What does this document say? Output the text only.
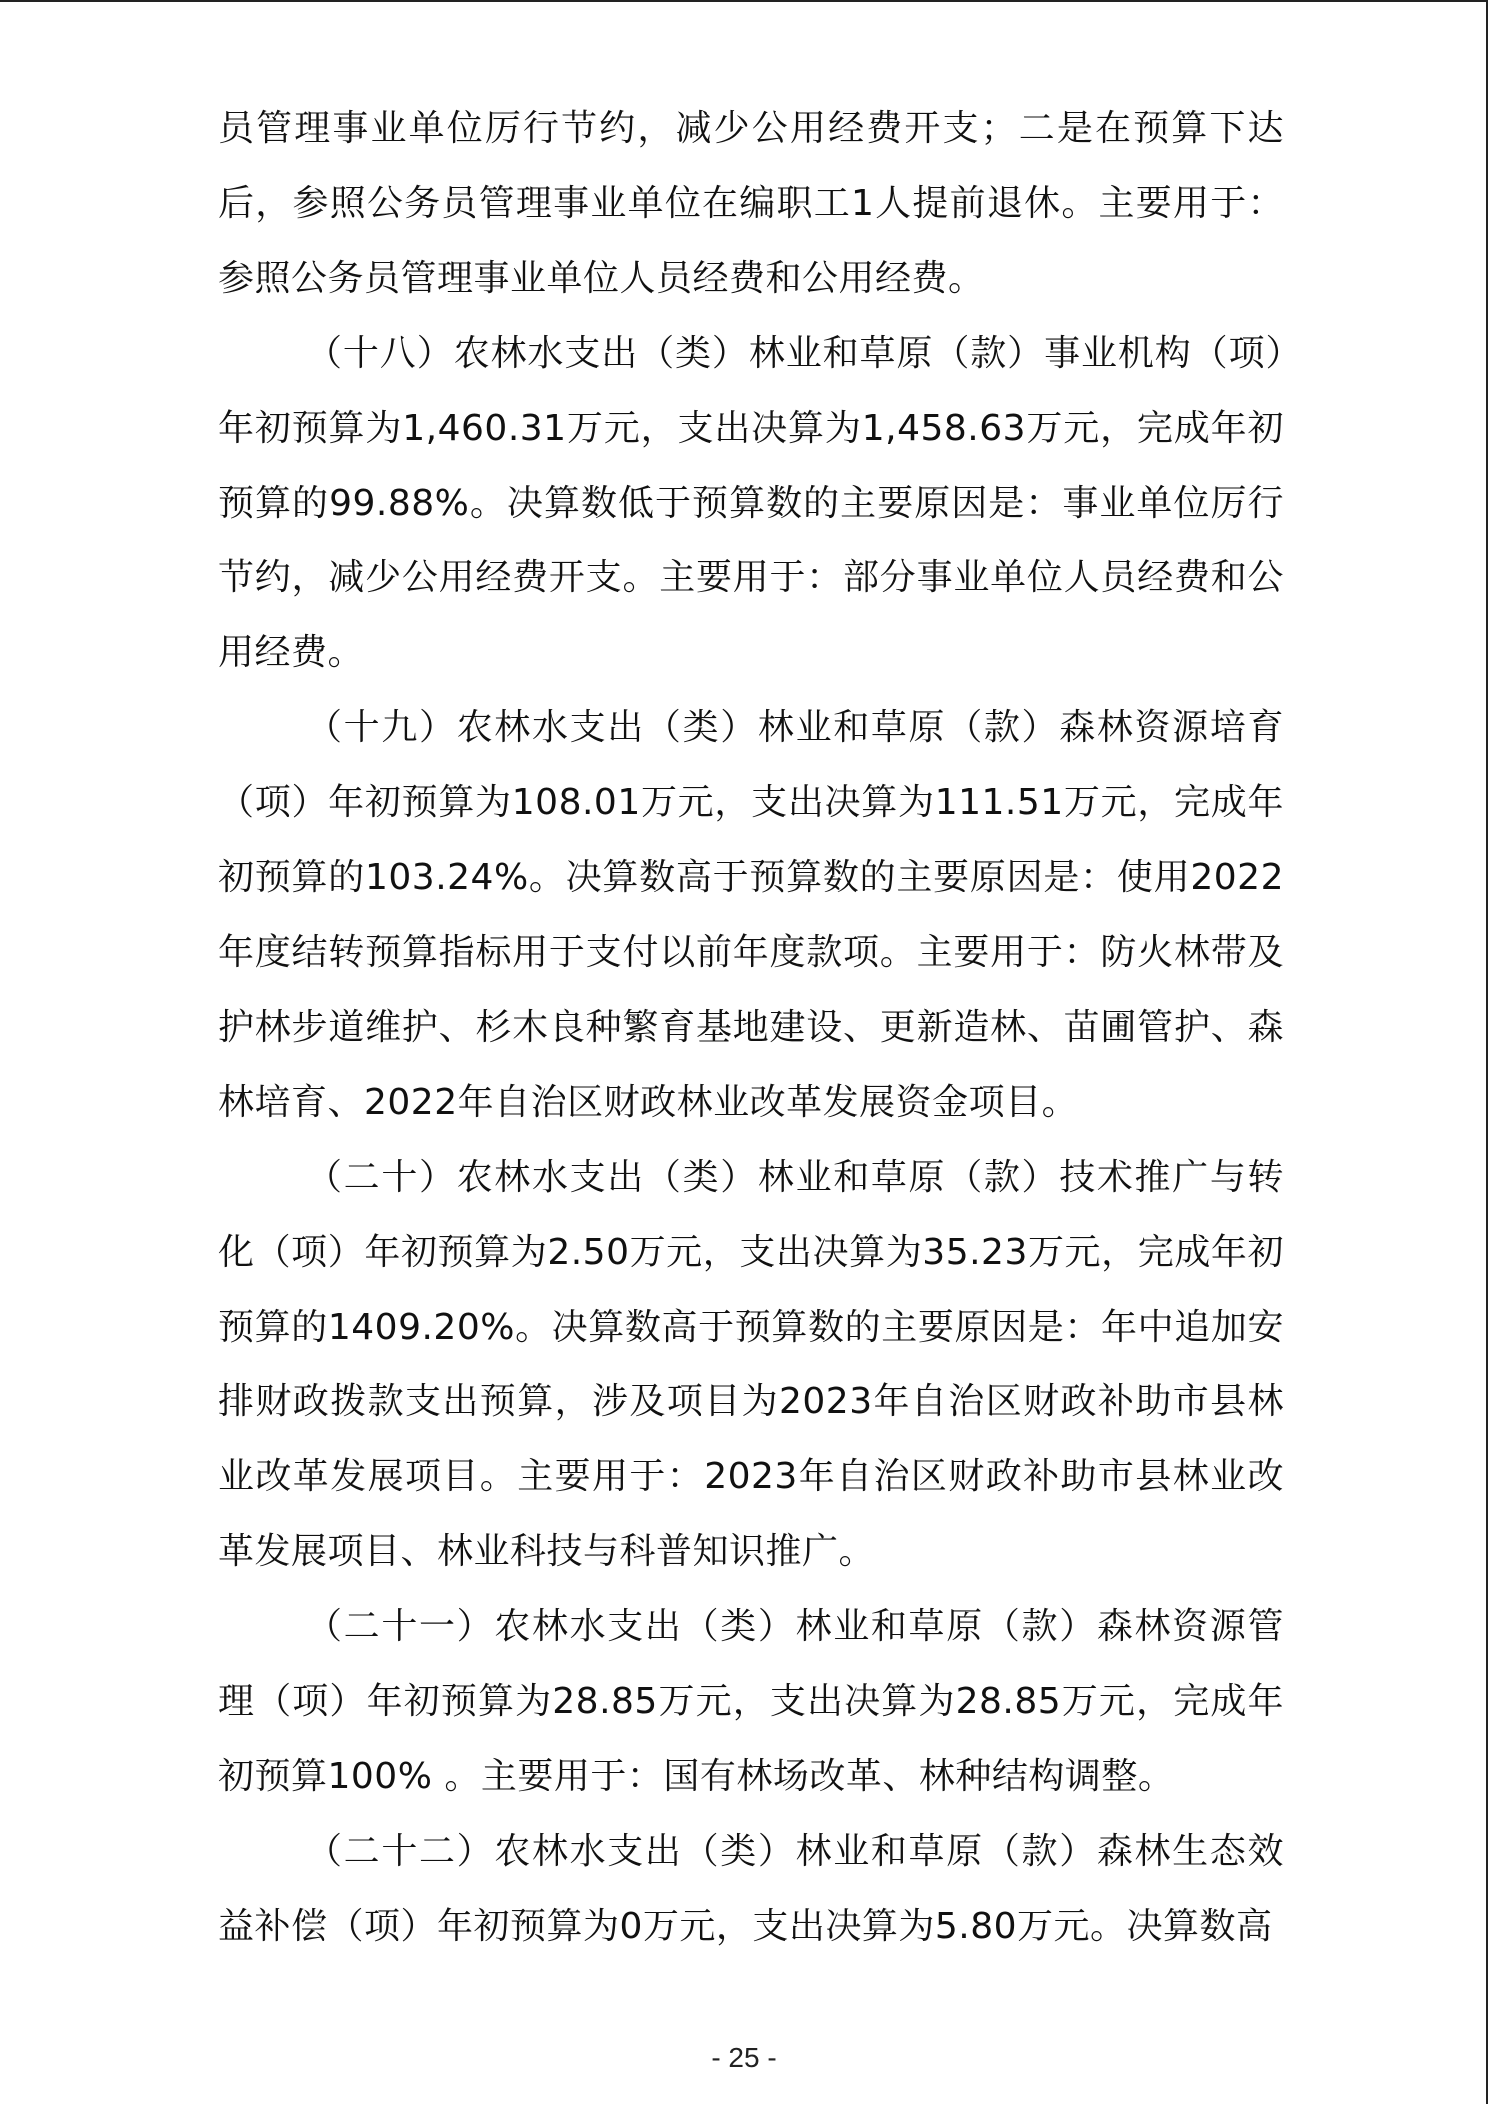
员管理事业单位厉行节约，减少公用经费开支；二是在预算下达后，参照公务员管理事业单位在编职工1人提前退休。主要用于：参照公务员管理事业单位人员经费和公用经费。

（十八）农林水支出（类）林业和草原（款）事业机构（项）年初预算为1,460.31万元，支出决算为1,458.63万元，完成年初预算的99.88%。决算数低于预算数的主要原因是：事业单位厉行节约，减少公用经费开支。主要用于：部分事业单位人员经费和公用经费。

（十九）农林水支出（类）林业和草原（款）森林资源培育（项）年初预算为108.01万元，支出决算为111.51万元，完成年初预算的103.24%。决算数高于预算数的主要原因是：使用2022年度结转预算指标用于支付以前年度款项。主要用于：防火林带及护林步道维护、杉木良种繁育基地建设、更新造林、苗圃管护、森林培育、2022年自治区财政林业改革发展资金项目。

（二十）农林水支出（类）林业和草原（款）技术推广与转化（项）年初预算为2.50万元，支出决算为35.23万元，完成年初预算的1409.20%。决算数高于预算数的主要原因是：年中追加安排财政拨款支出预算，涉及项目为2023年自治区财政补助市县林业改革发展项目。主要用于：2023年自治区财政补助市县林业改革发展项目、林业科技与科普知识推广。

（二十一）农林水支出（类）林业和草原（款）森林资源管理（项）年初预算为28.85万元，支出决算为28.85万元，完成年初预算100% 。主要用于：国有林场改革、林种结构调整。

（二十二）农林水支出（类）林业和草原（款）森林生态效益补偿（项）年初预算为0万元，支出决算为5.80万元。决算数高

- 25 -
